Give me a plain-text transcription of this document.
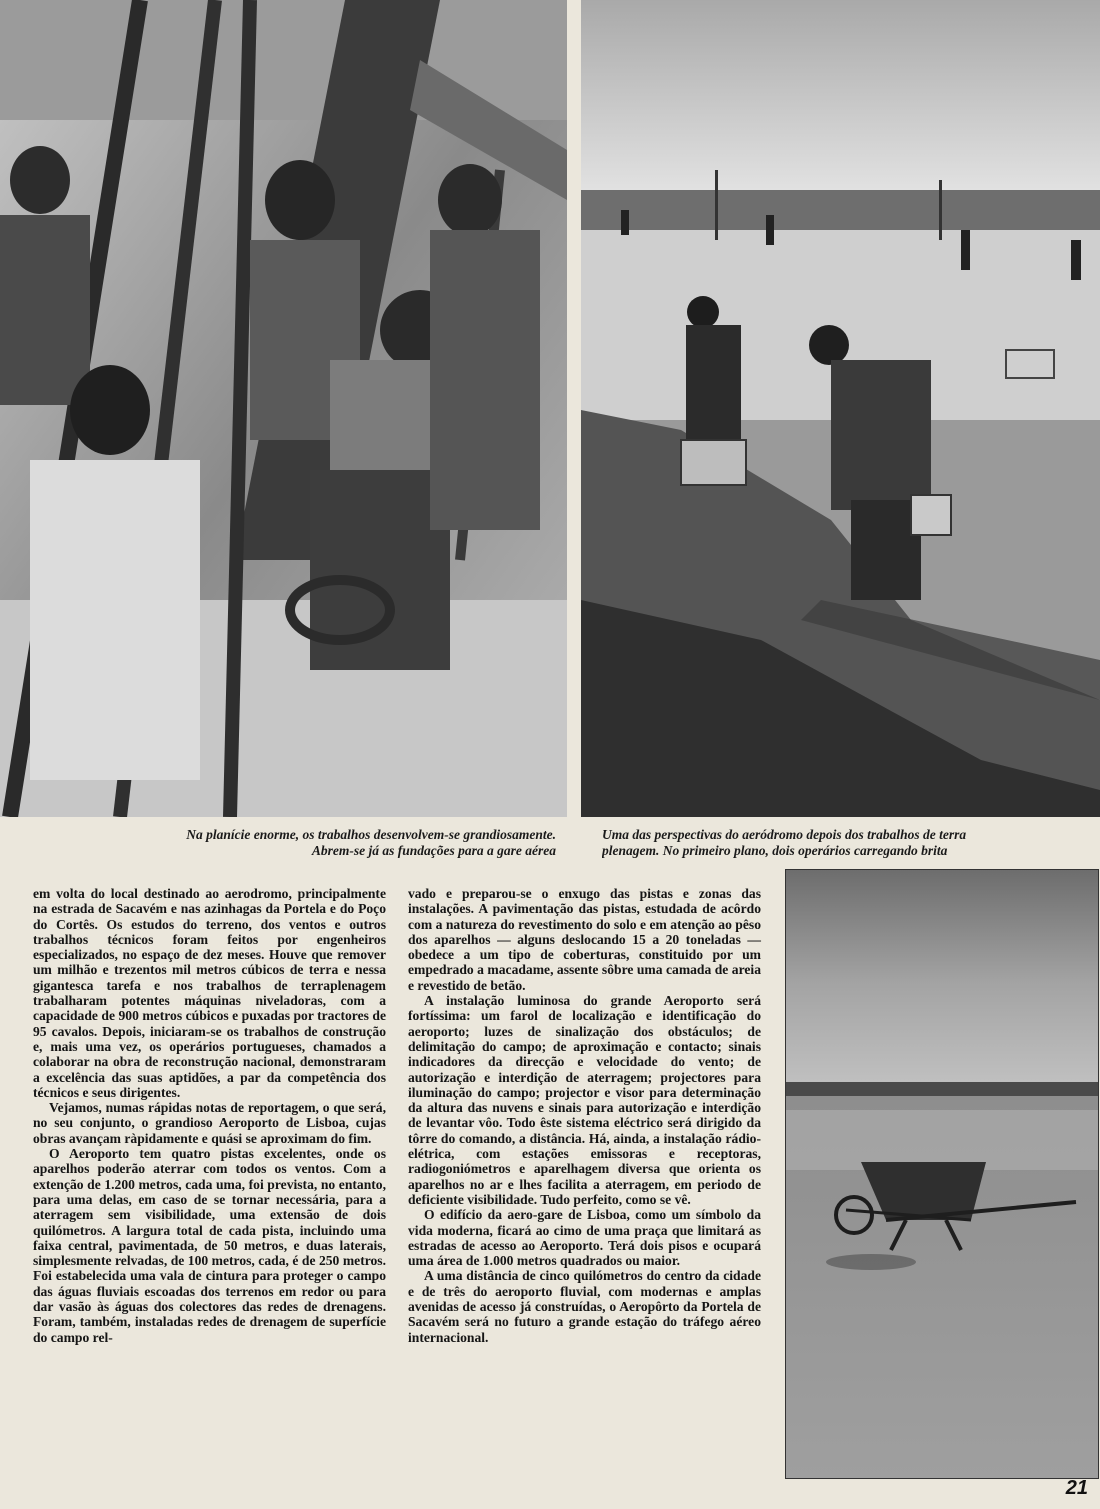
Na planície enorme, os trabalhos desenvolvem-se grandiosamente.
Abrem-se já as fundações para a gare aérea
Uma das perspectivas do aeródromo depois dos trabalhos de terra
plenagem. No primeiro plano, dois operários carregando brita

em volta do local destinado ao aerodromo, principalmente na estrada de Sacavém e nas azinhagas da Portela e do Poço do Cortês. Os estudos do terreno, dos ventos e outros trabalhos técnicos foram feitos por engenheiros especializados, no espaço de dez meses. Houve que remover um milhão e trezentos mil metros cúbicos de terra e nessa gigantesca tarefa e nos trabalhos de terraplenagem trabalharam potentes máquinas niveladoras, com a capacidade de 900 metros cúbicos e puxadas por tractores de 95 cavalos. Depois, iniciaram-se os trabalhos de construção e, mais uma vez, os operários portugueses, chamados a colaborar na obra de reconstrução nacional, demonstraram a excelência das suas aptidões, a par da competência dos técnicos e seus dirigentes.

Vejamos, numas rápidas notas de reportagem, o que será, no seu conjunto, o grandioso Aeroporto de Lisboa, cujas obras avançam ràpidamente e quási se aproximam do fim.

O Aeroporto tem quatro pistas excelentes, onde os aparelhos poderão aterrar com todos os ventos. Com a extenção de 1.200 metros, cada uma, foi prevista, no entanto, para uma delas, em caso de se tornar necessária, para a aterragem sem visibilidade, uma extensão de dois quilómetros. A largura total de cada pista, incluindo uma faixa central, pavimentada, de 50 metros, e duas laterais, simplesmente relvadas, de 100 metros, cada, é de 250 metros. Foi estabelecida uma vala de cintura para proteger o campo das águas fluviais escoadas dos terrenos em redor ou para dar vasão às águas dos colectores das redes de drenagens. Foram, também, instaladas redes de drenagem de superfície do campo rel-

vado e preparou-se o enxugo das pistas e zonas das instalações. A pavimentação das pistas, estudada de acôrdo com a natureza do revestimento do solo e em atenção ao pêso dos aparelhos — alguns deslocando 15 a 20 toneladas — obedece a um tipo de coberturas, constituido por um empedrado a macadame, assente sôbre uma camada de areia e revestido de betão.

A instalação luminosa do grande Aeroporto será fortíssima: um farol de localização e identificação do aeroporto; luzes de sinalização dos obstáculos; de delimitação do campo; de aproximação e contacto; sinais indicadores da direcção e velocidade do vento; de autorização e interdição de aterragem; projectores para iluminação do campo; projector e visor para determinação da altura das nuvens e sinais para autorização e interdição de levantar vôo. Todo êste sistema eléctrico será dirigido da tôrre do comando, a distância. Há, ainda, a instalação rádio-elétrica, com estações emissoras e receptoras, radiogoniómetros e aparelhagem diversa que orienta os aparelhos no ar e lhes facilita a aterragem, em periodo de deficiente visibilidade. Tudo perfeito, como se vê.

O edifício da aero-gare de Lisboa, como um símbolo da vida moderna, ficará ao cimo de uma praça que limitará as estradas de acesso ao Aeroporto. Terá dois pisos e ocupará uma área de 1.000 metros quadrados ou maior.

A uma distância de cinco quilómetros do centro da cidade e de três do aeroporto fluvial, com modernas e amplas avenidas de acesso já construídas, o Aeropôrto da Portela de Sacavém será no futuro a grande estação do tráfego aéreo internacional.

21
